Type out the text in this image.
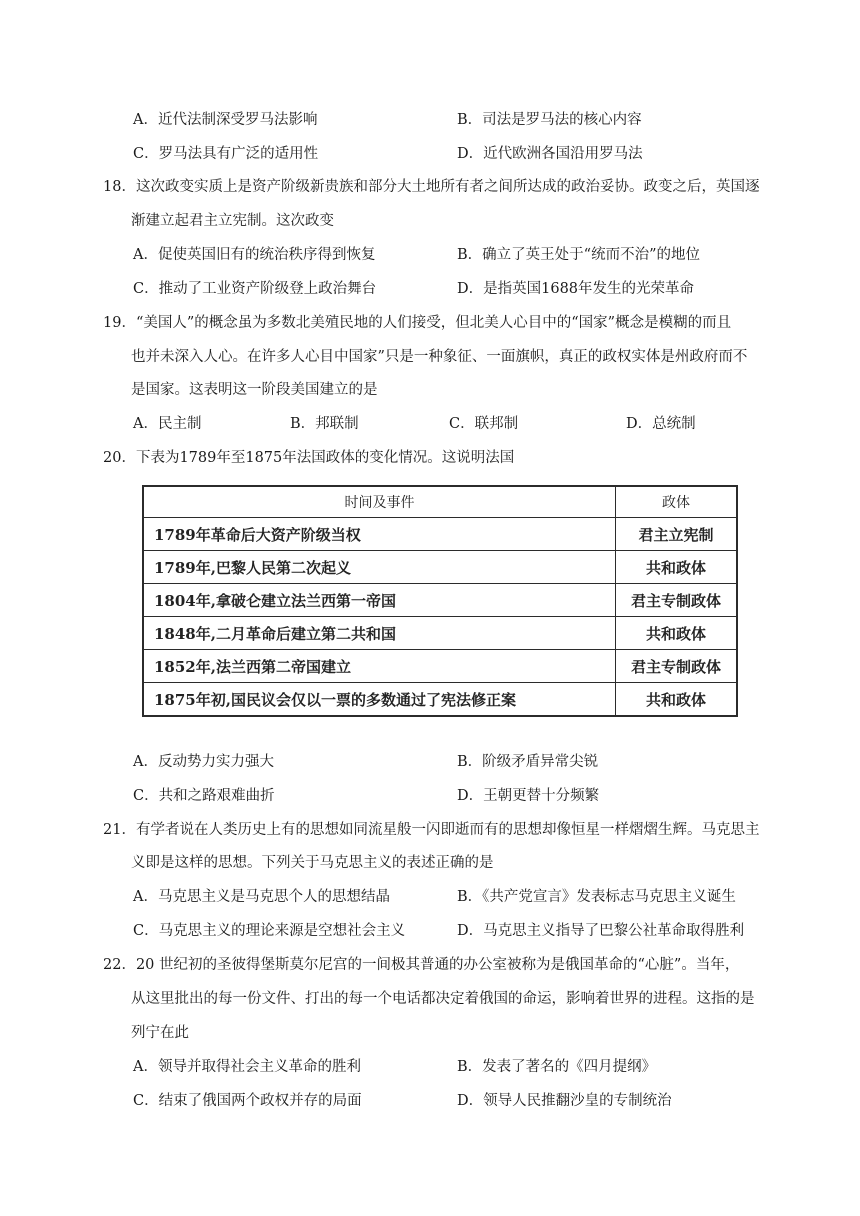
A．近代法制深受罗马法影响	B．司法是罗马法的核心内容
C．罗马法具有广泛的适用性	D．近代欧洲各国沿用罗马法
18．这次政变实质上是资产阶级新贵族和部分大土地所有者之间所达成的政治妥协。政变之后，英国逐
渐建立起君主立宪制。这次政变
A．促使英国旧有的统治秩序得到恢复	B．确立了英王处于“统而不治”的地位
C．推动了工业资产阶级登上政治舞台	D．是指英国1688年发生的光荣革命
19．“美国人”的概念虽为多数北美殖民地的人们接受，但北美人心目中的“国家”概念是模糊的而且
也并未深入人心。在许多人心目中国家”只是一种象征、一面旗帜，真正的政权实体是州政府而不
是国家。这表明这一阶段美国建立的是
A．民主制	B．邦联制	C．联邦制	D．总统制
20．下表为1789年至1875年法国政体的变化情况。这说明法国
时间及事件	政体
1789年革命后大资产阶级当权	君主立宪制
1789年,巴黎人民第二次起义	共和政体
1804年,拿破仑建立法兰西第一帝国	君主专制政体
1848年,二月革命后建立第二共和国	共和政体
1852年,法兰西第二帝国建立	君主专制政体
1875年初,国民议会仅以一票的多数通过了宪法修正案	共和政体
A．反动势力实力强大	B．阶级矛盾异常尖锐
C．共和之路艰难曲折	D．王朝更替十分频繁
21．有学者说在人类历史上有的思想如同流星般一闪即逝而有的思想却像恒星一样熠熠生辉。马克思主
义即是这样的思想。下列关于马克思主义的表述正确的是
A．马克思主义是马克思个人的思想结晶	B．《共产党宣言》发表标志马克思主义诞生
C．马克思主义的理论来源是空想社会主义	D．马克思主义指导了巴黎公社革命取得胜利
22．20 世纪初的圣彼得堡斯莫尔尼宫的一间极其普通的办公室被称为是俄国革命的“心脏”。当年，
从这里批出的每一份文件、打出的每一个电话都决定着俄国的命运，影响着世界的进程。这指的是
列宁在此
A．领导并取得社会主义革命的胜利	B．发表了著名的《四月提纲》
C．结束了俄国两个政权并存的局面	D．领导人民推翻沙皇的专制统治
